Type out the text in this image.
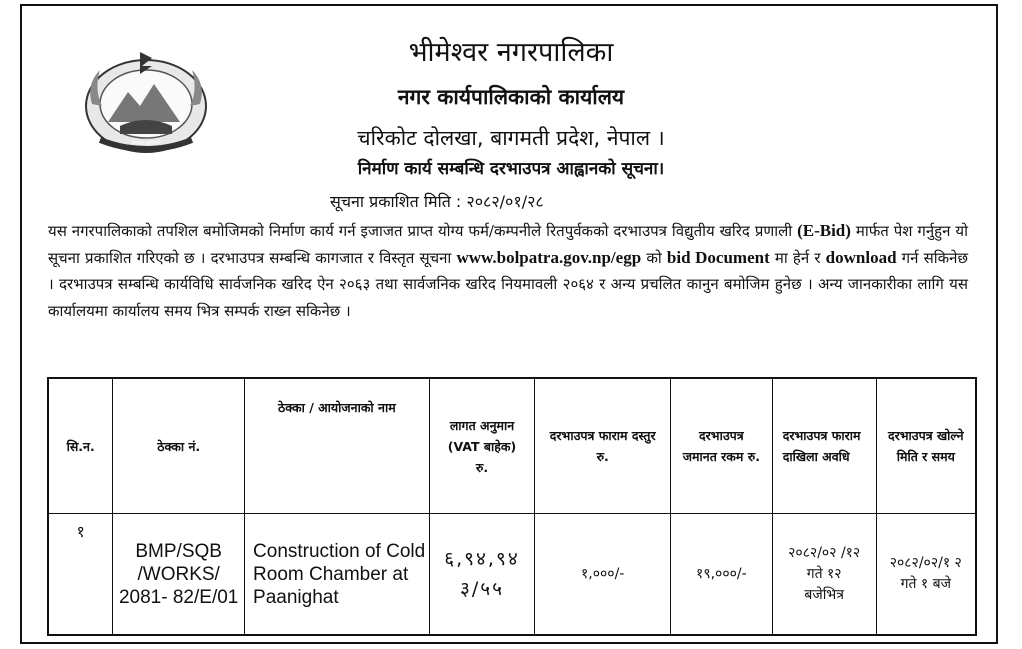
नेपाल सरकार
भीमेश्वर नगरपालिका
नगर कार्यपालिकाको कार्यालय
चरिकोट दोलखा, बागमती प्रदेश, नेपाल ।
निर्माण कार्य सम्बन्धि दरभाउपत्र आह्वानको सूचना।
सूचना प्रकाशित मिति : २०८२/०१/२८
यस नगरपालिकाको तपशिल बमोजिमको निर्माण कार्य गर्न इजाजत प्राप्त योग्य फर्म/कम्पनीले रितपुर्वकको दरभाउपत्र विद्युतीय खरिद प्रणाली (E-Bid) मार्फत पेश गर्नुहुन यो सूचना प्रकाशित गरिएको छ । दरभाउपत्र सम्बन्धि कागजात र विस्तृत सूचना www.bolpatra.gov.np/egp को bid Document मा हेर्न र download गर्न सकिनेछ । दरभाउपत्र सम्बन्धि कार्यविधि सार्वजनिक खरिद ऐन २०६३ तथा सार्वजनिक खरिद नियमावली २०६४ र अन्य प्रचलित कानुन बमोजिम हुनेछ । अन्य जानकारीका लागि यस कार्यालयमा कार्यालय समय भित्र सम्पर्क राख्न सकिनेछ ।
सि.न.	ठेक्का नं.	ठेक्का / आयोजनाको नाम	लागत अनुमान (VAT बाहेक) रु.	दरभाउपत्र फाराम दस्तुर रु.	दरभाउपत्र जमानत रकम रु.	दरभाउपत्र फाराम दाखिला अवधि	दरभाउपत्र खोल्ने मिति र समय
१	BMP/SQB /WORKS/ 2081- 82/E/01	Construction of Cold Room Chamber at Paanighat	६,९४,९४ ३/५५	१,०००/-	१९,०००/-	२०८२/०२ /१२ गते १२ बजेभित्र	२०८२/०२/१ २ गते १ बजे
